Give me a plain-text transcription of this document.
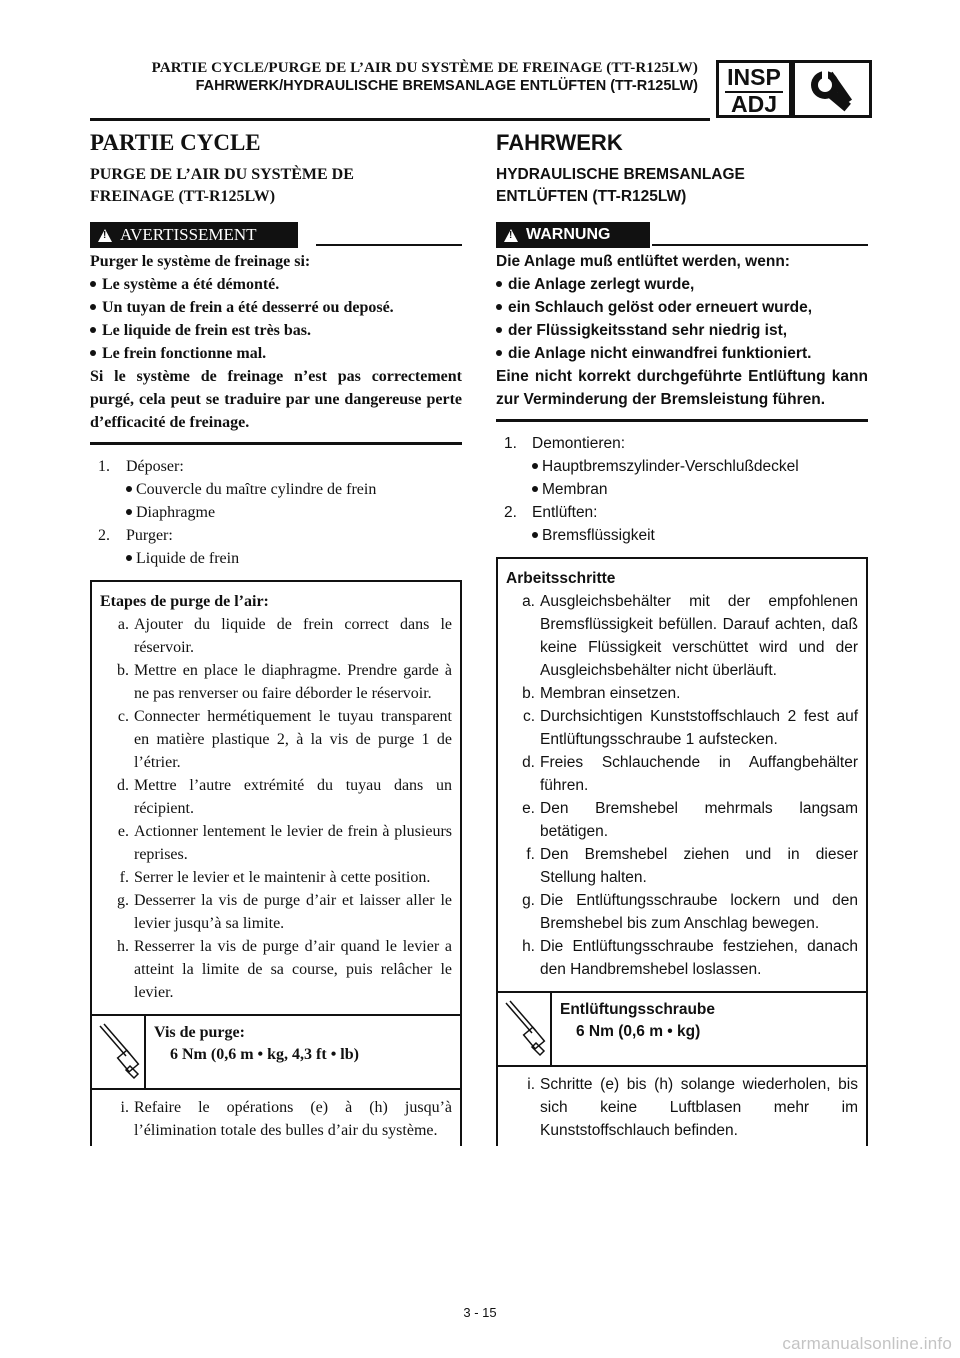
PARTIE CYCLE/PURGE DE L’AIR DU SYSTÈME DE FREINAGE (TT-R125LW)
FAHRWERK/HYDRAULISCHE BREMSANLAGE ENTLÜFTEN (TT-R125LW)	INSP
ADJ
PARTIE CYCLE
PURGE DE L’AIR DU SYSTÈME DE
FREINAGE (TT-R125LW)
!
AVERTISSEMENT
Purger le système de freinage si:
Le système a été démonté.
Un tuyan de frein a été desserré ou deposé.
Le liquide de frein est très bas.
Le frein fonctionne mal.
Si le système de freinage n’est pas correctement purgé, cela peut se traduire par une dangereuse perte d’efficacité de freinage.
1.	Déposer:
Couvercle du maître cylindre de frein
Diaphragme
2.	Purger:
Liquide de frein
Etapes de purge de l’air:
a. Ajouter du liquide de frein correct dans le réservoir.
b. Mettre en place le diaphragme. Prendre garde à ne pas renverser ou faire déborder le réservoir.
c. Connecter hermétiquement le tuyau transparent en matière plastique 2, à la vis de purge 1 de l’étrier.
d. Mettre l’autre extrémité du tuyau dans un récipient.
e. Actionner lentement le levier de frein à plusieurs reprises.
f. Serrer le levier et le maintenir à cette position.
g. Desserrer la vis de purge d’air et laisser aller le levier jusqu’à sa limite.
h. Resserrer la vis de purge d’air quand le levier a atteint la limite de sa course, puis relâcher le levier.
Vis de purge:
6 Nm (0,6 m • kg, 4,3 ft • lb)
i. Refaire le opérations (e) à (h) jusqu’à l’élimination totale des bulles d’air du système.
FAHRWERK
HYDRAULISCHE BREMSANLAGE
ENTLÜFTEN (TT-R125LW)
!
WARNUNG
Die Anlage muß entlüftet werden, wenn:
die Anlage zerlegt wurde,
ein Schlauch gelöst oder erneuert wurde,
der Flüssigkeitsstand sehr niedrig ist,
die Anlage nicht einwandfrei funktioniert.
Eine nicht korrekt durchgeführte Entlüftung kann zur Verminderung der Bremsleistung führen.
1. Demontieren:
Hauptbremszylinder-Verschlußdeckel
Membran
2. Entlüften:
Bremsflüssigkeit
Arbeitsschritte
a. Ausgleichsbehälter mit der empfohlenen Bremsflüssigkeit befüllen. Darauf achten, daß keine Flüssigkeit verschüttet wird und der Ausgleichsbehälter nicht überläuft.
b. Membran einsetzen.
c. Durchsichtigen Kunststoffschlauch 2 fest auf Entlüftungsschraube 1 aufstecken.
d. Freies Schlauchende in Auffangbehälter führen.
e. Den Bremshebel mehrmals langsam betätigen.
f. Den Bremshebel ziehen und in dieser Stellung halten.
g. Die Entlüftungsschraube lockern und den Bremshebel bis zum Anschlag bewegen.
h. Die Entlüftungsschraube festziehen, danach den Handbremshebel loslassen.
Entlüftungsschraube
6 Nm (0,6 m • kg)
i. Schritte (e) bis (h) solange wiederholen, bis sich keine Luftblasen mehr im Kunststoffschlauch befinden.
3 - 15
carmanualsonline.info
